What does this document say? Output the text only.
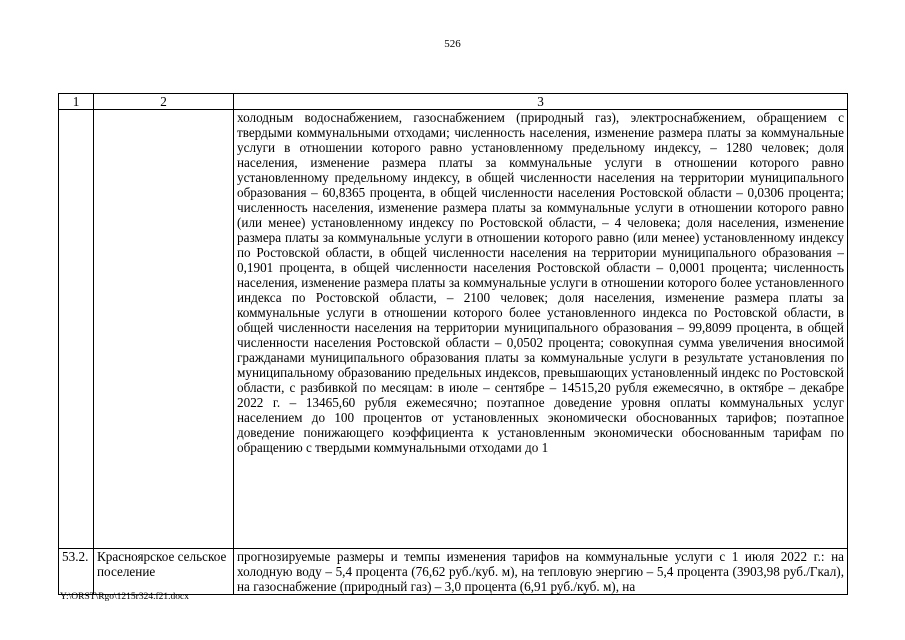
526
1	2	3
		холодным водоснабжением, газоснабжением (природный газ), электроснабжением, обращением с твердыми коммунальными отходами; численность населения, изменение размера платы за коммунальные услуги в отношении которого равно установленному предельному индексу, – 1280 человек; доля населения, изменение размера платы за коммунальные услуги в отношении которого равно установленному предельному индексу, в общей численности населения на территории муниципального образования – 60,8365 процента, в общей численности населения Ростовской области – 0,0306 процента; численность населения, изменение размера платы за коммунальные услуги в отношении которого равно (или менее) установленному индексу по Ростовской области, – 4 человека; доля населения, изменение размера платы за коммунальные услуги в отношении которого равно (или менее) установленному индексу по Ростовской области, в общей численности населения на территории муниципального образования – 0,1901 процента, в общей численности населения Ростовской области – 0,0001 процента; численность населения, изменение размера платы за коммунальные услуги в отношении которого более установленного индекса по Ростовской области, – 2100 человек; доля населения, изменение размера платы за коммунальные услуги в отношении которого более установленного индекса по Ростовской области, в общей численности населения на территории муниципального образования – 99,8099 процента, в общей численности населения Ростовской области – 0,0502 процента; совокупная сумма увеличения вносимой гражданами муниципального образования платы за коммунальные услуги в результате установления по муниципальному образованию предельных индексов, превышающих установленный индекс по Ростовской области, с разбивкой по месяцам: в июле – сентябре – 14515,20 рубля ежемесячно, в октябре – декабре 2022 г. – 13465,60 рубля ежемесячно; поэтапное доведение уровня оплаты коммунальных услуг населением до 100 процентов от установленных экономически обоснованных тарифов; поэтапное доведение понижающего коэффициента к установленным экономически обоснованным тарифам по обращению с твердыми коммунальными отходами до 1
53.2.	Красноярское сельское поселение	прогнозируемые размеры и темпы изменения тарифов на коммунальные услуги с 1 июля 2022 г.: на холодную воду – 5,4 процента (76,62 руб./куб. м), на тепловую энергию – 5,4 процента (3903,98 руб./Гкал), на газоснабжение (природный газ) – 3,0 процента (6,91 руб./куб. м), на
Y:\ORST\Rgo\1215r324.f21.docx
